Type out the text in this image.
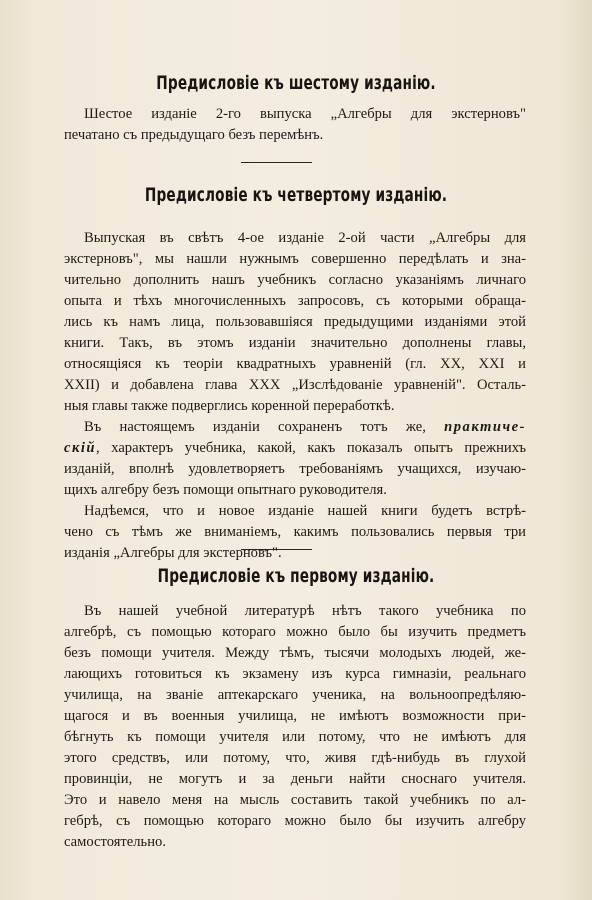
Предисловіе къ шестому изданію.
Шестое изданіе 2-го выпуска „Алгебры для экстерновъ"
печатано съ предыдущаго безъ перемѣнъ.
Предисловіе къ четвертому изданію.
Выпуская въ свѣтъ 4-ое изданіе 2-ой части „Алгебры для
экстерновъ", мы нашли нужнымъ совершенно передѣлать и зна-
чительно дополнить нашъ учебникъ согласно указаніямъ личнаго
опыта и тѣхъ многочисленныхъ запросовъ, съ которыми обраща-
лись къ намъ лица, пользовавшіяся предыдущими изданіями этой
книги. Такъ, въ этомъ изданіи значительно дополнены главы,
относящіяся къ теоріи квадратныхъ уравненій (гл. XX, XXI и
XXII) и добавлена глава XXX „Изслѣдованіе уравненій". Осталь-
ныя главы также подверглись коренной переработкѣ.
Въ настоящемъ изданіи сохраненъ тотъ же, практиче-
скій, характеръ учебника, какой, какъ показалъ опытъ прежнихъ
изданій, вполнѣ удовлетворяетъ требованіямъ учащихся, изучаю-
щихъ алгебру безъ помощи опытнаго руководителя.
Надѣемся, что и новое изданіе нашей книги будетъ встрѣ-
чено съ тѣмъ же вниманіемъ, какимъ пользовались первыя три
изданія „Алгебры для экстерновъ".
Предисловіе къ первому изданію.
Въ нашей учебной литературѣ нѣтъ такого учебника по
алгебрѣ, съ помощью котораго можно было бы изучить предметъ
безъ помощи учителя. Между тѣмъ, тысячи молодыхъ людей, же-
лающихъ готовиться къ экзамену изъ курса гимназіи, реальнаго
училища, на званіе аптекарскаго ученика, на вольноопредѣляю-
щагося и въ военныя училища, не имѣютъ возможности при-
бѣгнуть къ помощи учителя или потому, что не имѣютъ для
этого средствъ, или потому, что, живя гдѣ-нибудь въ глухой
провинціи, не могутъ и за деньги найти сноснаго учителя.
Это и навело меня на мысль составить такой учебникъ по ал-
гебрѣ, съ помощью котораго можно было бы изучить алгебру
самостоятельно.
